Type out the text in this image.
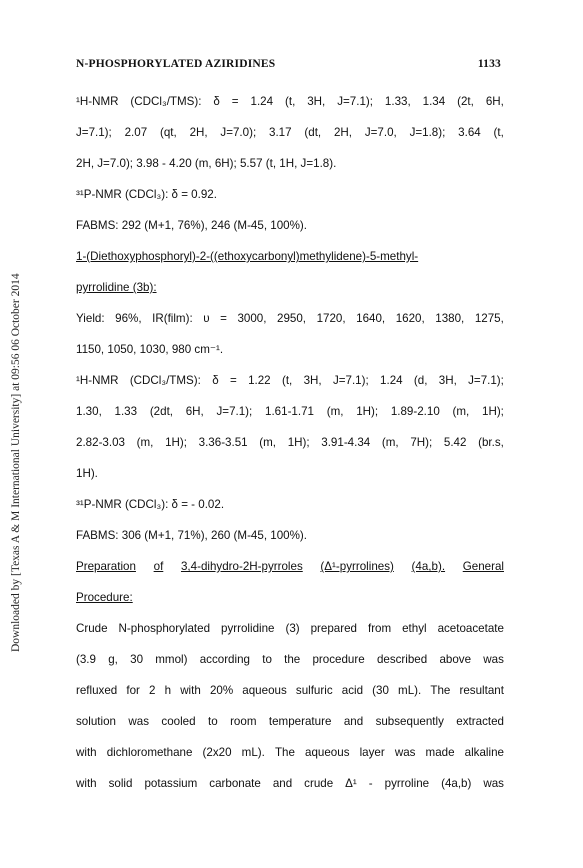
N-PHOSPHORYLATED AZIRIDINES	1133
Downloaded by [Texas A & M International University] at 09:56 06 October 2014
¹H-NMR (CDCl₃/TMS): δ = 1.24 (t, 3H, J=7.1); 1.33, 1.34 (2t, 6H,
J=7.1); 2.07 (qt, 2H, J=7.0); 3.17 (dt, 2H, J=7.0, J=1.8); 3.64 (t,
2H, J=7.0); 3.98 - 4.20 (m, 6H); 5.57 (t, 1H, J=1.8).
³¹P-NMR (CDCl₃): δ = 0.92.
FABMS: 292 (M+1, 76%), 246 (M-45, 100%).
1-(Diethoxyphosphoryl)-2-((ethoxycarbonyl)methylidene)-5-methyl-
pyrrolidine (3b):
Yield: 96%, IR(film): υ = 3000, 2950, 1720, 1640, 1620, 1380, 1275,
1150, 1050, 1030, 980 cm⁻¹.
¹H-NMR (CDCl₃/TMS): δ = 1.22 (t, 3H, J=7.1); 1.24 (d, 3H, J=7.1);
1.30, 1.33 (2dt, 6H, J=7.1); 1.61-1.71 (m, 1H); 1.89-2.10 (m, 1H);
2.82-3.03 (m, 1H); 3.36-3.51 (m, 1H); 3.91-4.34 (m, 7H); 5.42 (br.s,
1H).
³¹P-NMR (CDCl₃): δ = - 0.02.
FABMS: 306 (M+1, 71%), 260 (M-45, 100%).
Preparation of 3,4-dihydro-2H-pyrroles (Δ¹-pyrrolines) (4a,b). General
Procedure:
Crude N-phosphorylated pyrrolidine (3) prepared from ethyl acetoacetate
(3.9 g, 30 mmol) according to the procedure described above was
refluxed for 2 h with 20% aqueous sulfuric acid (30 mL). The resultant
solution was cooled to room temperature and subsequently extracted
with dichloromethane (2x20 mL). The aqueous layer was made alkaline
with solid potassium carbonate and crude Δ¹ - pyrroline (4a,b) was
